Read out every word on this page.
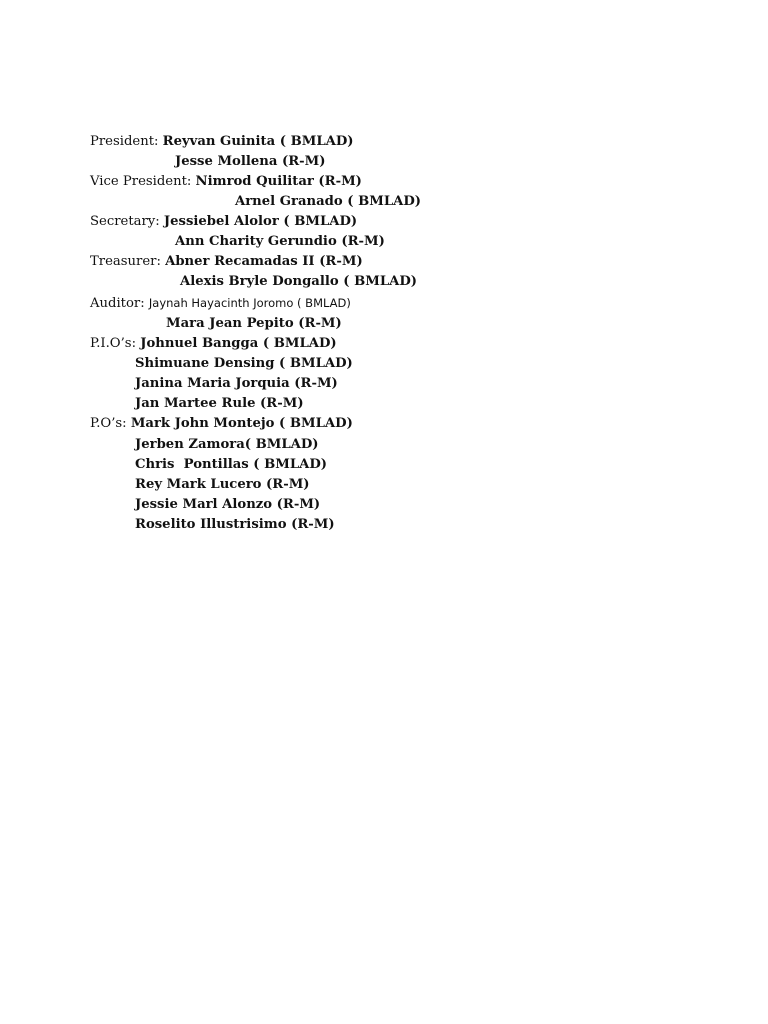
President: Reyvan Guinita ( BMLAD)
Jesse Mollena (R-M)
Vice President: Nimrod Quilitar (R-M)
Arnel Granado ( BMLAD)
Secretary: Jessiebel Alolor ( BMLAD)
Ann Charity Gerundio (R-M)
Treasurer: Abner Recamadas II (R-M)
Alexis Bryle Dongallo ( BMLAD)
Auditor: Jaynah Hayacinth Joromo ( BMLAD)
Mara Jean Pepito (R-M)
P.I.O’s: Johnuel Bangga ( BMLAD)
Shimuane Densing ( BMLAD)
Janina Maria Jorquia (R-M)
Jan Martee Rule (R-M)
P.O’s: Mark John Montejo ( BMLAD)
Jerben Zamora( BMLAD)
Chris  Pontillas ( BMLAD)
Rey Mark Lucero (R-M)
Jessie Marl Alonzo (R-M)
Roselito Illustrisimo (R-M)
